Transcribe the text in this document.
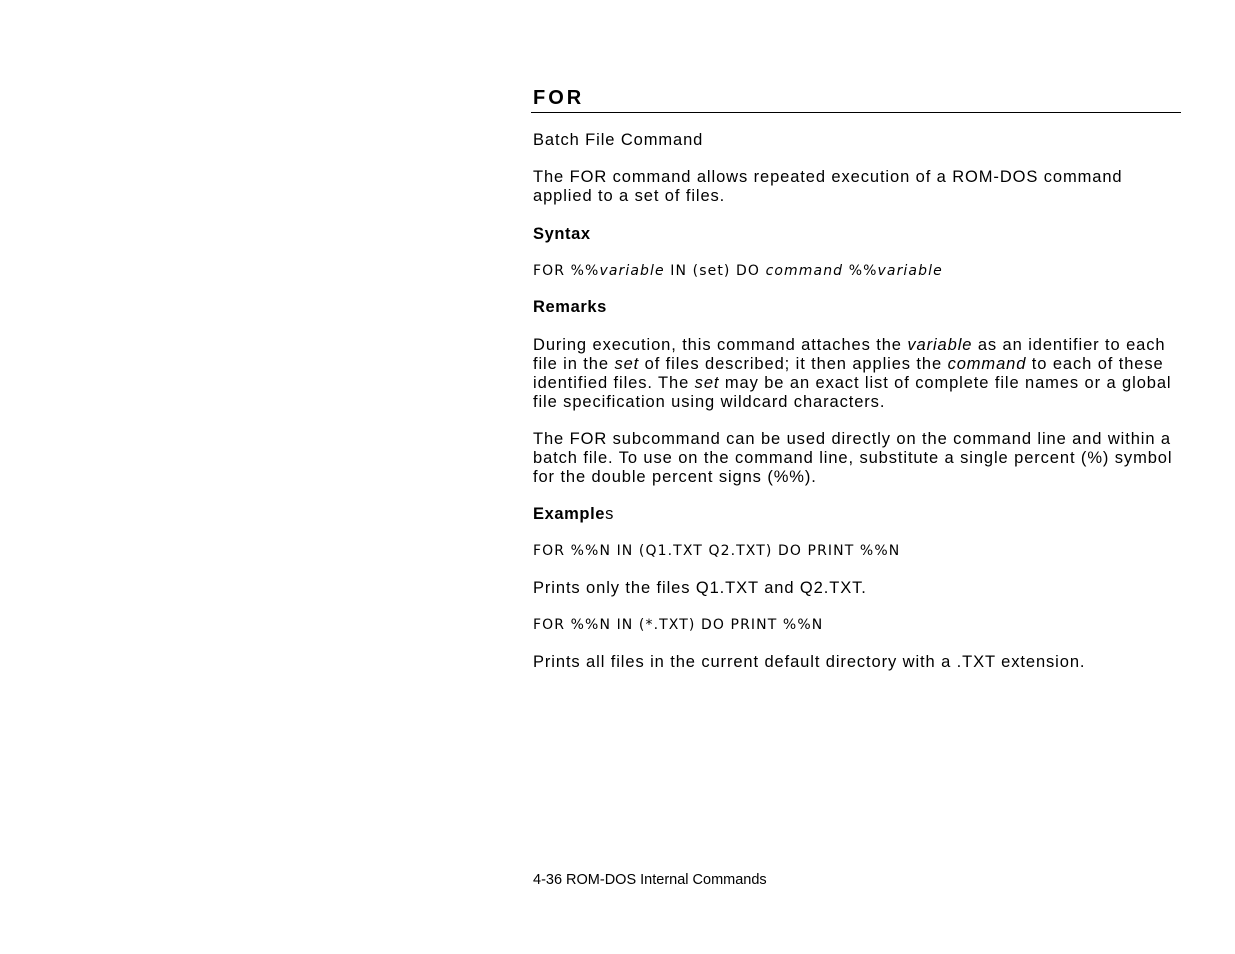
FOR

Batch File Command

The FOR command allows repeated execution of a ROM-DOS command applied to a set of files.

Syntax

FOR %%variable IN (set) DO command %%variable

Remarks

During execution, this command attaches the variable as an identifier to each file in the set of files described; it then applies the command to each of these identified files. The set may be an exact list of complete file names or a global file specification using wildcard characters.

The FOR subcommand can be used directly on the command line and within a batch file. To use on the command line, substitute a single percent (%) symbol for the double percent signs (%%).

Examples

FOR %%N IN (Q1.TXT Q2.TXT) DO PRINT %%N

Prints only the files Q1.TXT and Q2.TXT.

FOR %%N IN (*.TXT) DO PRINT %%N

Prints all files in the current default directory with a .TXT extension.

4-36 ROM-DOS Internal Commands
